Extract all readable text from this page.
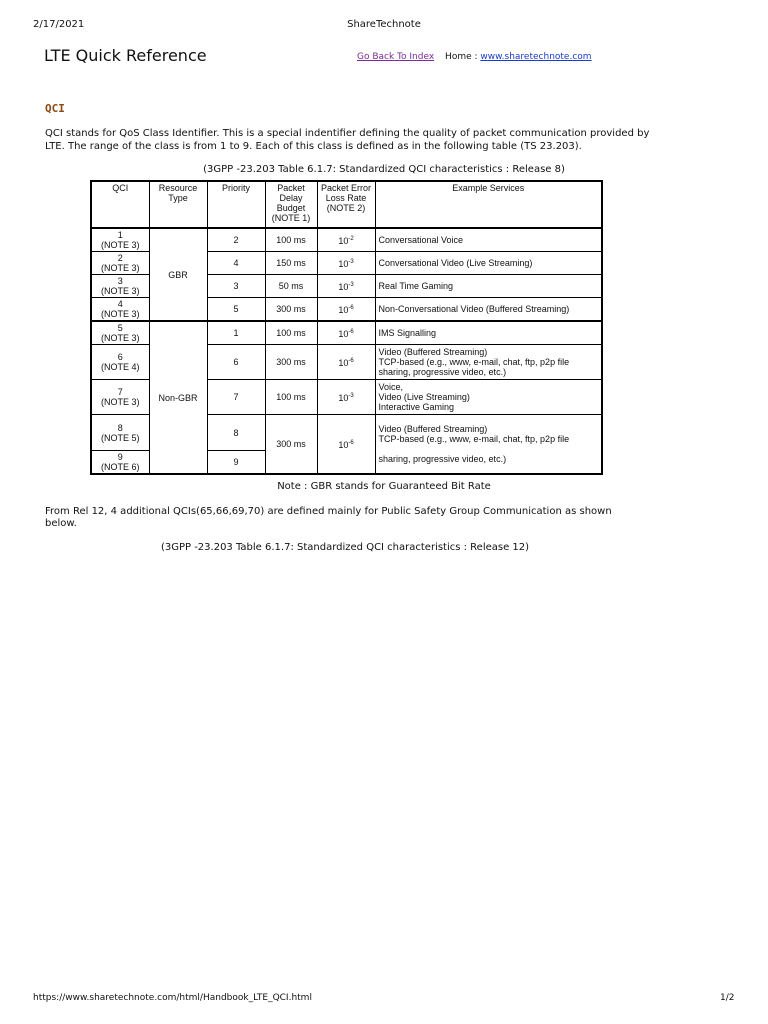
2/17/2021	ShareTechnote
LTE Quick Reference	Go Back To Index Home : www.sharetechnote.com
QCI
QCI stands for QoS Class Identifier. This is a special indentifier defining the quality of packet communication provided by LTE. The range of the class is from 1 to 9. Each of this class is defined as in the following table (TS 23.203).
(3GPP -23.203 Table 6.1.7: Standardized QCI characteristics : Release 8)
QCI	Resource Type	Priority	Packet Delay Budget (NOTE 1)	Packet Error Loss Rate (NOTE 2)	Example Services
1
(NOTE 3)	GBR	2	100 ms	$10^{-2}$	Conversational Voice
2
(NOTE 3)		4	150 ms	$10^{-3}$	Conversational Video (Live Streaming)
3
(NOTE 3)		3	50 ms	$10^{-3}$	Real Time Gaming
4
(NOTE 3)		5	300 ms	$10^{-6}$	Non-Conversational Video (Buffered Streaming)
5
(NOTE 3)	Non-GBR	1	100 ms	$10^{-6}$	IMS Signalling
6
(NOTE 4)		6	300 ms	$10^{-6}$	Video (Buffered Streaming)
TCP-based (e.g., www, e-mail, chat, ftp, p2p file
sharing, progressive video, etc.)
7
(NOTE 3)		7	100 ms	$10^{-3}$	Voice,
Video (Live Streaming)
Interactive Gaming
8
(NOTE 5)		8	300 ms	$10^{-6}$	Video (Buffered Streaming)
TCP-based (e.g., www, e-mail, chat, ftp, p2p file

sharing, progressive video, etc.)
9
(NOTE 6)		9			
Note : GBR stands for Guaranteed Bit Rate
From Rel 12, 4 additional QCIs(65,66,69,70) are defined mainly for Public Safety Group Communication as shown below.
(3GPP -23.203 Table 6.1.7: Standardized QCI characteristics : Release 12)
https://www.sharetechnote.com/html/Handbook_LTE_QCI.html	1/2
